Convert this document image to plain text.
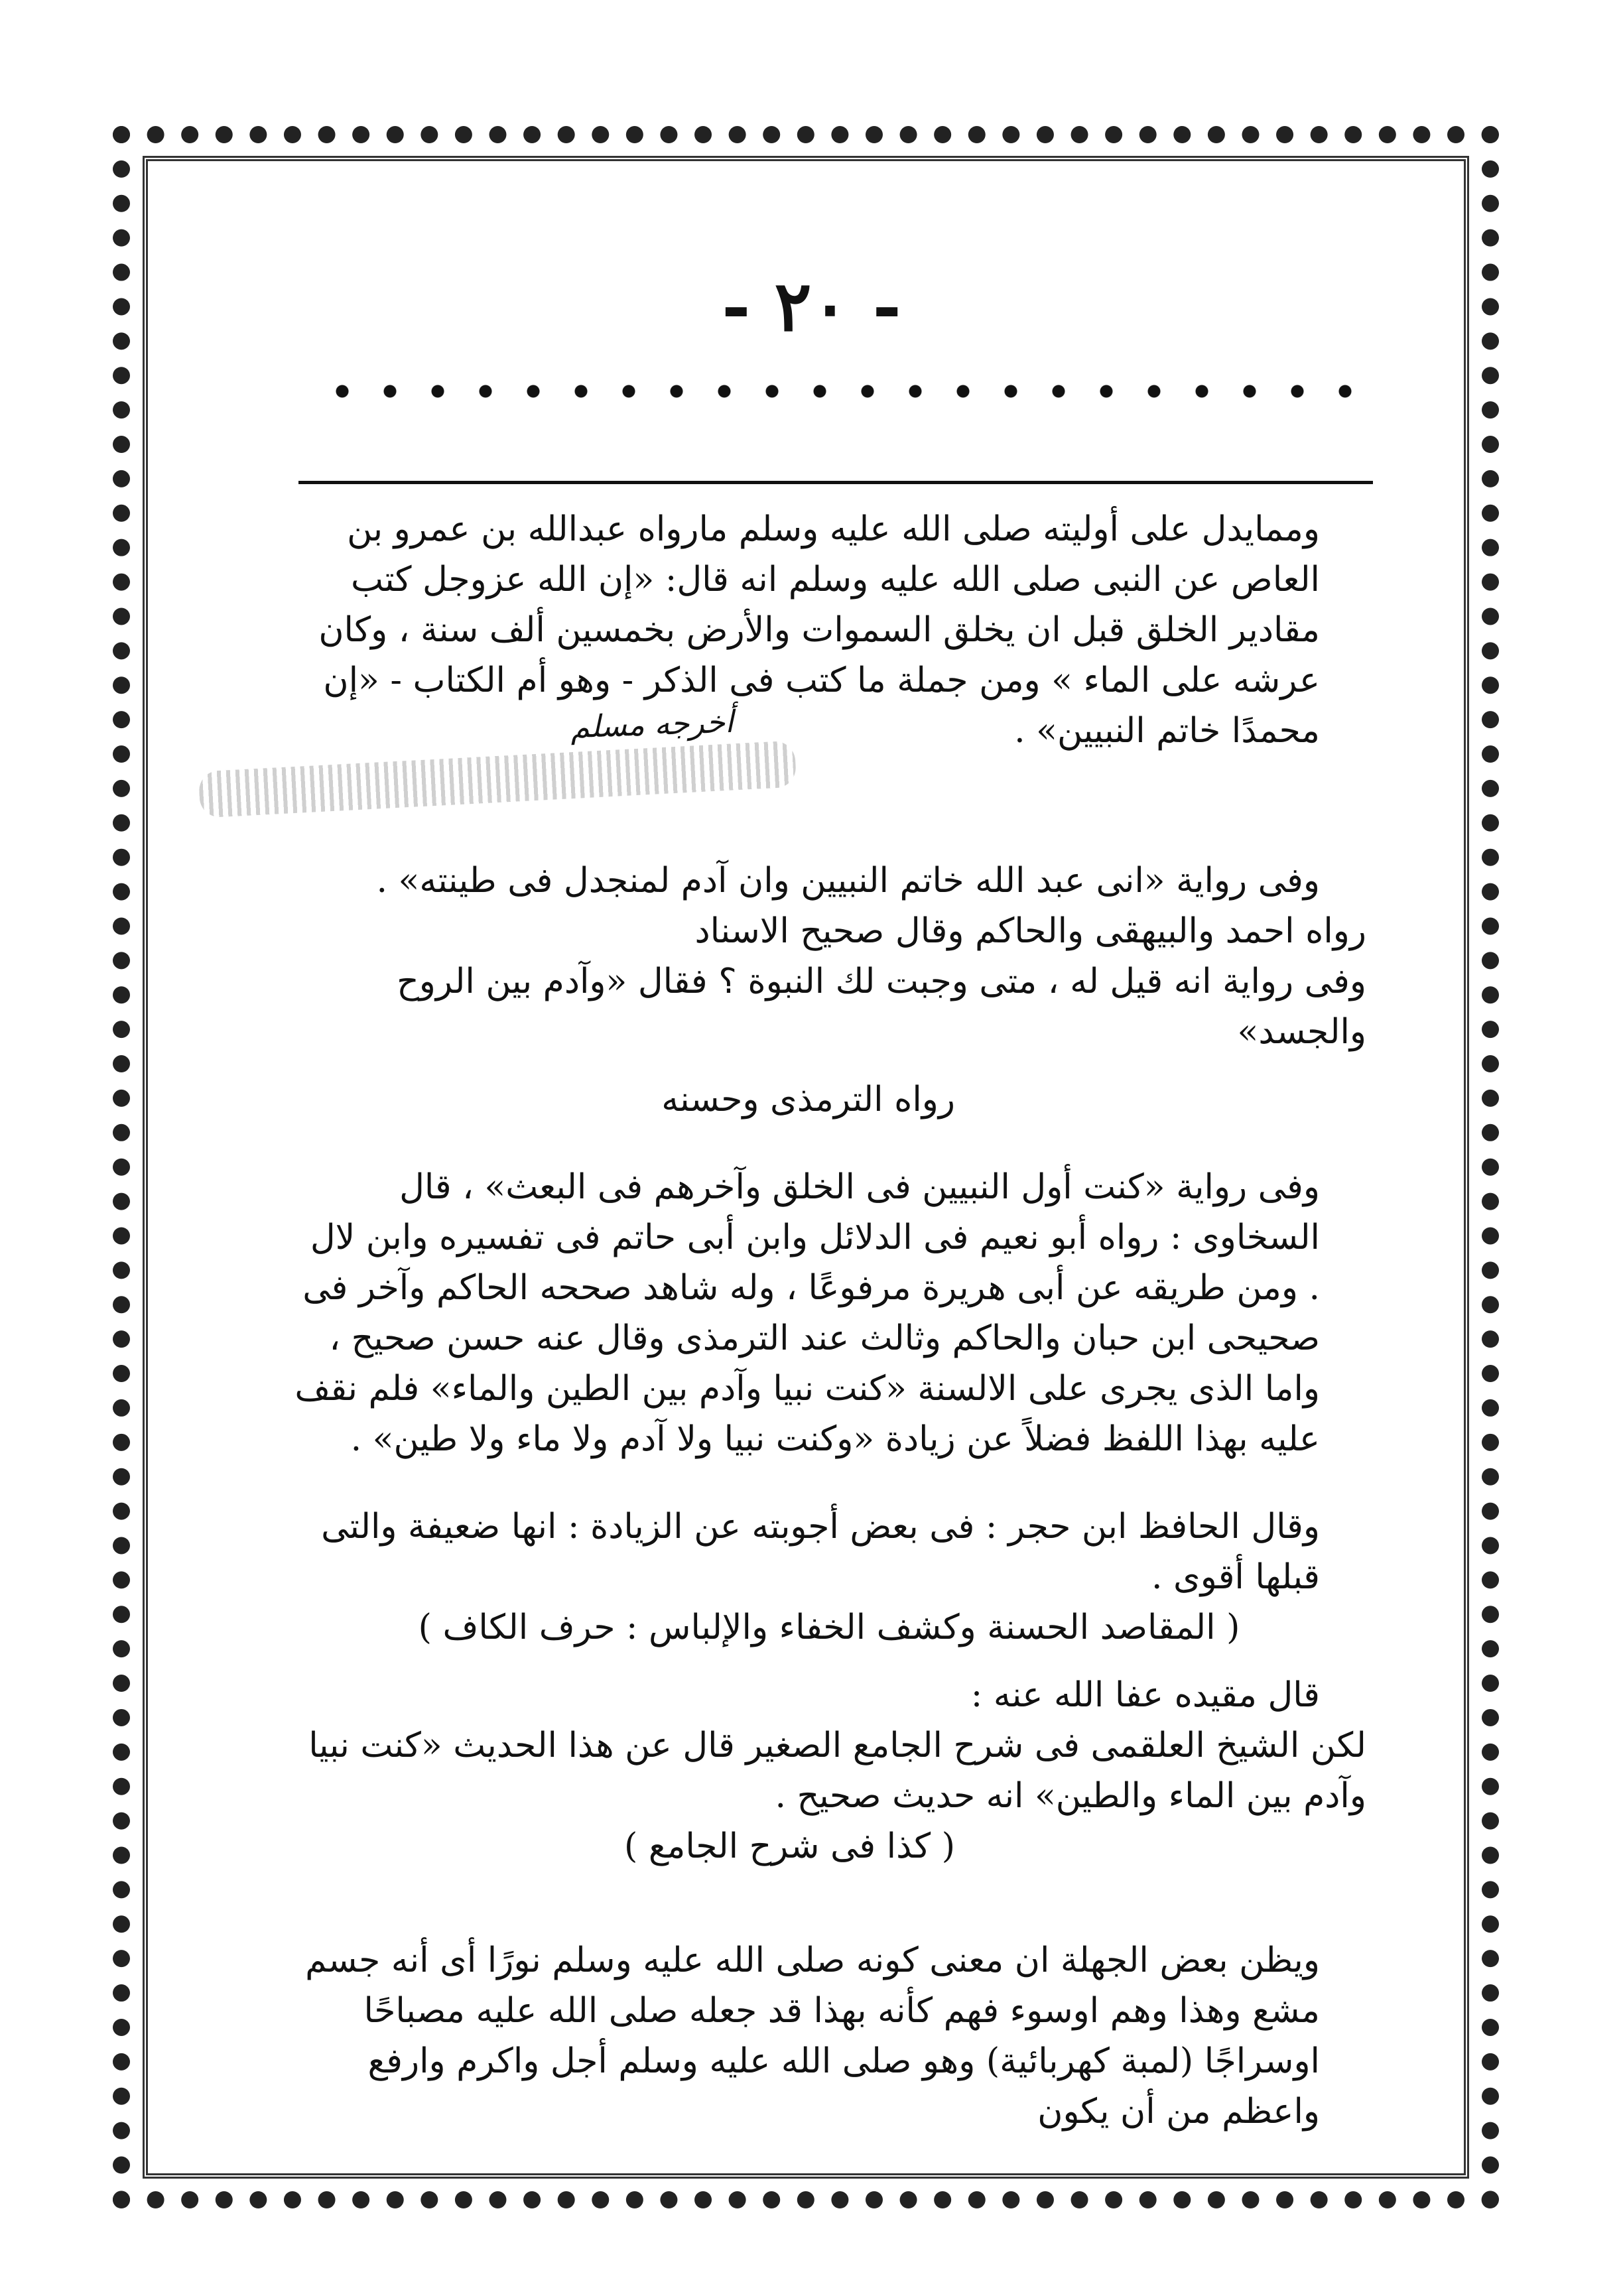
- ٢٠ -
أخرجه مسلم

وممايدل على أوليته صلى الله عليه وسلم مارواه عبدالله بن عمرو بن العاص عن النبى صلى الله عليه وسلم انه قال: «إن الله عزوجل كتب مقادير الخلق قبل ان يخلق السموات والأرض بخمسين ألف سنة ، وكان عرشه على الماء » ومن جملة ما كتب فى الذكر - وهو أم الكتاب - «إن محمدًا خاتم النبيين» .

وفى رواية «انى عبد الله خاتم النبيين وان آدم لمنجدل فى طينته» .

رواه احمد والبيهقى والحاكم وقال صحيح الاسناد

وفى رواية انه قيل له ، متى وجبت لك النبوة ؟ فقال «وآدم بين الروح والجسد»

رواه الترمذى وحسنه

وفى رواية «كنت أول النبيين فى الخلق وآخرهم فى البعث» ، قال السخاوى : رواه أبو نعيم فى الدلائل وابن أبى حاتم فى تفسيره وابن لال . ومن طريقه عن أبى هريرة مرفوعًا ، وله شاهد صححه الحاكم وآخر فى صحيحى ابن حبان والحاكم وثالث عند الترمذى وقال عنه حسن صحيح ، واما الذى يجرى على الالسنة «كنت نبيا وآدم بين الطين والماء» فلم نقف عليه بهذا اللفظ فضلاً عن زيادة «وكنت نبيا ولا آدم ولا ماء ولا طين» .

وقال الحافظ ابن حجر : فى بعض أجوبته عن الزيادة : انها ضعيفة والتى قبلها أقوى .

( المقاصد الحسنة وكشف الخفاء والإلباس : حرف الكاف )

قال مقيده عفا الله عنه :

لكن الشيخ العلقمى فى شرح الجامع الصغير قال عن هذا الحديث «كنت نبيا وآدم بين الماء والطين» انه حديث صحيح .

( كذا فى شرح الجامع )

ويظن بعض الجهلة ان معنى كونه صلى الله عليه وسلم نورًا أى أنه جسم مشع وهذا وهم اوسوء فهم كأنه بهذا قد جعله صلى الله عليه مصباحًا اوسراجًا (لمبة كهربائية) وهو صلى الله عليه وسلم أجل واكرم وارفع واعظم من أن يكون
